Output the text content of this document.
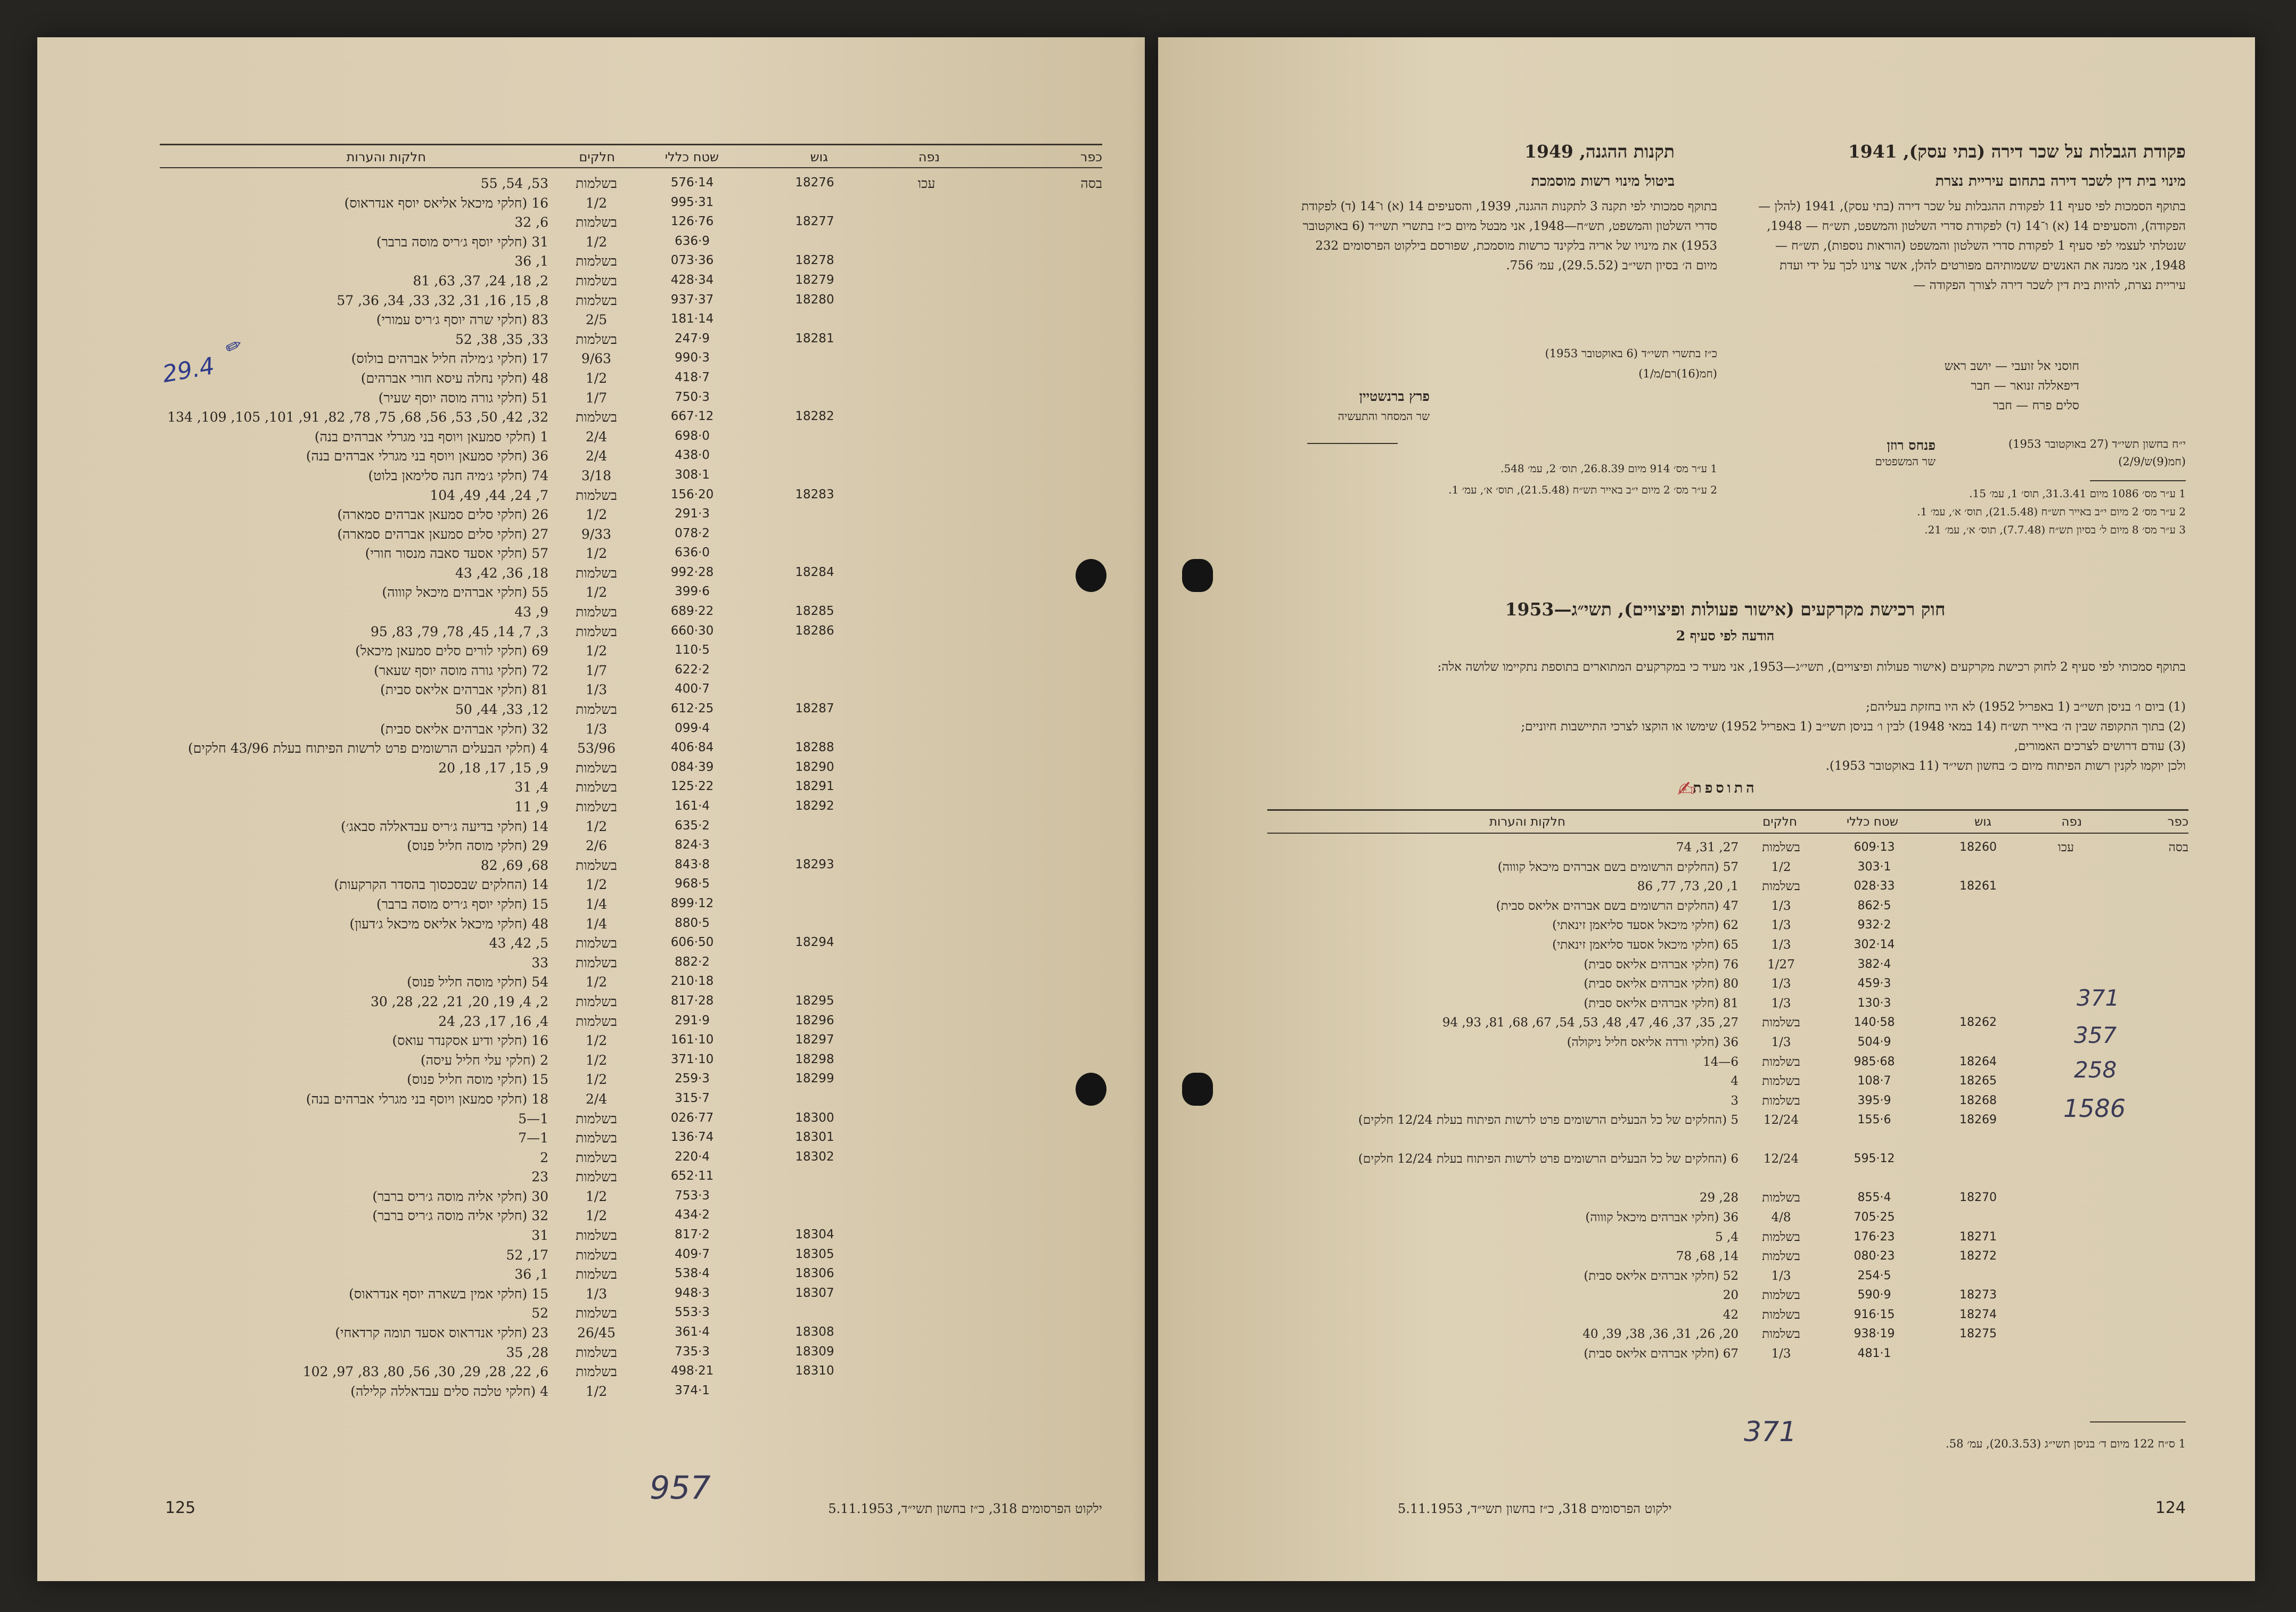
כפר
נפה
גוש
שטח כללי
חלקים
חלקות והערות
בסה
עכו
18276
14·576
בשלמות
53, 54, 55
31·995
1/2
16 (חלקי מיכאל אליאס יוסף אנדראוס)
18277
76·126
בשלמות
6, 32
9·636
1/2
31 (חלקי יוסף ג׳ריס מוסה ברבר)
18278
36·073
בשלמות
1, 36
18279
34·428
בשלמות
2, 18, 24, 37, 63, 81
18280
37·937
בשלמות
8, 15, 16, 31, 32, 33, 34, 36, 57
14·181
2/5
83 (חלקי שרה יוסף ג׳ריס עמורי)
18281
9·247
בשלמות
33, 35, 38, 52
3·990
9/63
17 (חלקי ג׳מילה חליל אברהים בולוס)
7·418
1/2
48 (חלקי נחלה עיסא חורי אברהים)
3·750
1/7
51 (חלקי גורה מוסה יוסף שעיר)
18282
12·667
בשלמות
32, 42, 50, 53, 56, 68, 75, 78, 82, 91, 101, 105, 109, 134
0·698
2/4
1 (חלקי סמעאן ויוסף בני מגרלי אברהים בנה)
0·438
2/4
36 (חלקי סמעאן ויוסף בני מגרלי אברהים בנה)
1·308
3/18
74 (חלקי ג׳מיה חנה סלימאן בלוט)
18283
20·156
בשלמות
7, 24, 44, 49, 104
3·291
1/2
26 (חלקי סלים סמעאן אברהים סמארה)
2·078
9/33
27 (חלקי סלים סמעאן אברהים סמארה)
0·636
1/2
57 (חלקי אסעד סאבה מנסור חורי)
18284
28·992
בשלמות
18, 36, 42, 43
6·399
1/2
55 (חלקי אברהים מיכאל קוווה)
18285
22·689
בשלמות
9, 43
18286
30·660
בשלמות
3, 7, 14, 45, 78, 79, 83, 95
5·110
1/2
69 (חלקי לורים סלים סמעאן מיכאל)
2·622
1/7
72 (חלקי גורה מוסה יוסף שעאר)
7·400
1/3
81 (חלקי אברהים אליאס סבית)
18287
25·612
בשלמות
12, 33, 44, 50
4·099
1/3
32 (חלקי אברהים אליאס סבית)
18288
84·406
53/96
4 (חלקי הבעלים הרשומים פרט לרשות הפיתוח בעלת 43/96 חלקים)
18290
39·084
בשלמות
9, 15, 17, 18, 20
18291
22·125
בשלמות
4, 31
18292
4·161
בשלמות
9, 11
2·635
1/2
14 (חלקי בדיעה ג׳ריס עבדאללה סבאג׳)
3·824
2/6
29 (חלקי מוסה חליל פנוס)
18293
8·843
בשלמות
68, 69, 82
5·968
1/2
14 (החלקים שבסכסוך בהסדר הקרקעות)
12·899
1/4
15 (חלקי יוסף ג׳ריס מוסה ברבר)
5·880
1/4
48 (חלקי מיכאל אליאס מיכאל ג׳דעון)
18294
50·606
בשלמות
5, 42, 43
2·882
בשלמות
33
18·210
1/2
54 (חלקי מוסה חליל פנוס)
18295
28·817
בשלמות
2, 4, 19, 20, 21, 22, 28, 30
18296
9·291
בשלמות
4, 16, 17, 23, 24
18297
10·161
1/2
16 (חלקי ודיע אסקנדר עואס)
18298
10·371
1/2
2 (חלקי עלי חליל עיסה)
18299
3·259
1/2
15 (חלקי מוסה חליל פנוס)
7·315
2/4
18 (חלקי סמעאן ויוסף בני מגרלי אברהים בנה)
18300
77·026
בשלמות
1—5
18301
74·136
בשלמות
1—7
18302
4·220
בשלמות
2
11·652
בשלמות
23
3·753
1/2
30 (חלקי אליה מוסה ג׳ריס ברבר)
2·434
1/2
32 (חלקי אליה מוסה ג׳ריס ברבר)
18304
2·817
בשלמות
31
18305
7·409
בשלמות
17, 52
18306
4·538
בשלמות
1, 36
18307
3·948
1/3
15 (חלקי אמין בשארה יוסף אנדראוס)
3·553
בשלמות
52
18308
4·361
26/45
23 (חלקי אנדראוס אסעד תומה קרדאחי)
18309
3·735
בשלמות
28, 35
18310
21·498
בשלמות
6, 22, 28, 29, 30, 56, 80, 83, 97, 102
1·374
1/2
4 (חלקי טלכה סלים עבדאללה קלילה)
29.4
✎
957
125	ילקוט הפרסומים 318, כ״ז בחשון תשי״ד, 5.11.1953
פקודת הגבלות על שכר דירה (בתי עסק), 1941
מינוי בית דין לשכר דירה בתחום עיריית נצרת
בתוקף הסמכות לפי סעיף 11 לפקודת ההגבלות על שכר דירה (בתי עסק), 1941 (להלן — הפקודה), והסעיפים 14 (א) ו־14 (ד) לפקודת סדרי השלטון והמשפט, תש״ח — 1948, שנטלתי לעצמי לפי סעיף 1 לפקודת סדרי השלטון והמשפט (הוראות נוספות), תש״ח — 1948, אני ממנה את האנשים ששמותיהם מפורטים להלן, אשר צוינו לכך על ידי ועדת עיריית נצרת, להיות בית דין לשכר דירה לצורך הפקודה —
חוסני אל זועבי — יושב ראש
דיפאללה זנואר — חבר
סלים פרח — חבר
י״ח בחשון תשי״ד (27 באוקטובר 1953)
(חמ(9)ש/2/9)
פנחס רוזן
שר המשפטים
1 ע״ר מס׳ 1086 מיום 31.3.41, תוס׳ 1, עמ׳ 15.
2 ע״ר מס׳ 2 מיום י״ב באייר תש״ח (21.5.48), תוס׳ א׳, עמ׳ 1.
3 ע״ר מס׳ 8 מיום ל׳ בסיון תש״ח (7.7.48), תוס׳ א׳, עמ׳ 21.
תקנות ההגנה, 1949
ביטול מינוי רשות מוסמכת
בתוקף סמכותי לפי תקנה 3 לתקנות ההגנה, 1939, והסעיפים 14 (א) ו־14 (ד) לפקודת סדרי השלטון והמשפט, תש״ח—1948, אני מבטל מיום כ״ז בתשרי תשי״ד (6 באוקטובר 1953) את מינויו של אריה בלקינד כרשות מוסמכת, שפורסם בילקוט הפרסומים 232 מיום ה׳ בסיון תשי״ב (29.5.52), עמ׳ 756.
כ״ז בתשרי תשי״ד (6 באוקטובר 1953)
(חמ(16)רם/מ/1)
פרץ ברנשטיין
שר המסחר והתעשיה
1 ע״ר מס׳ 914 מיום 26.8.39, תוס׳ 2, עמ׳ 548.
2 ע״ר מס׳ 2 מיום י״ב באייר תש״ח (21.5.48), תוס׳ א׳, עמ׳ 1.
חוק רכישת מקרקעים (אישור פעולות ופיצויים), תשי״ג—1953
הודעה לפי סעיף 2
בתוקף סמכותי לפי סעיף 2 לחוק רכישת מקרקעים (אישור פעולות ופיצויים), תשי״ג—1953, אני מעיד כי במקרקעים המתוארים בתוספת נתקיימו שלושה אלה:
(1) ביום ו׳ בניסן תשי״ב (1 באפריל 1952) לא היו בחזקת בעליהם;
(2) בתוך התקופה שבין ה׳ באייר תש״ח (14 במאי 1948) לבין ו׳ בניסן תשי״ב (1 באפריל 1952) שימשו או הוקצו לצרכי התיישבות חיוניים;
(3) עודם דרושים לצרכים האמורים,
ולכן יוקמו לקנין רשות הפיתוח מיום כ׳ בחשון תשי״ד (11 באוקטובר 1953).
התוספת
✍
כפר
נפה
גוש
שטח כללי
חלקים
חלקות והערות
בסה
עכו
18260
13·609
בשלמות
27, 31, 74
1·303
1/2
57 (החלקים הרשומים בשם אברהים מיכאל קוווה)
18261
33·028
בשלמות
1, 20, 73, 77, 86
5·862
1/3
47 (החלקים הרשומים בשם אברהים אליאס סבית)
2·932
1/3
62 (חלקי מיכאל אסעד סליאמן זינאתי)
14·302
1/3
65 (חלקי מיכאל אסעד סליאמן זינאתי)
4·382
1/27
76 (חלקי אברהים אליאס סבית)
3·459
1/3
80 (חלקי אברהים אליאס סבית)
3·130
1/3
81 (חלקי אברהים אליאס סבית)
18262
58·140
בשלמות
27, 35, 37, 46, 47, 48, 53, 54, 67, 68, 81, 93, 94
9·504
1/3
36 (חלקי ורדה אליאס חליל ניקולה)
18264
68·985
בשלמות
6—14
18265
7·108
בשלמות
4
18268
9·395
בשלמות
3
18269
6·155
12/24
5 (החלקים של כל הבעלים הרשומים פרט לרשות הפיתוח בעלת 12/24 חלקים)
12·595
12/24
6 (החלקים של כל הבעלים הרשומים פרט לרשות הפיתוח בעלת 12/24 חלקים)
18270
4·855
בשלמות
28, 29
25·705
4/8
36 (חלקי אברהים מיכאל קוווה)
18271
23·176
בשלמות
4, 5
18272
23·080
בשלמות
14, 68, 78
5·254
1/3
52 (חלקי אברהים אליאס סבית)
18273
9·590
בשלמות
20
18274
15·916
בשלמות
42
18275
19·938
בשלמות
20, 26, 31, 36, 38, 39, 40
1·481
1/3
67 (חלקי אברהים אליאס סבית)
371
357
258
1586
371	1 ס״ח 122 מיום ד׳ בניסן תשי״ג (20.3.53), עמ׳ 58.
124
ילקוט הפרסומים 318, כ״ז בחשון תשי״ד, 5.11.1953
